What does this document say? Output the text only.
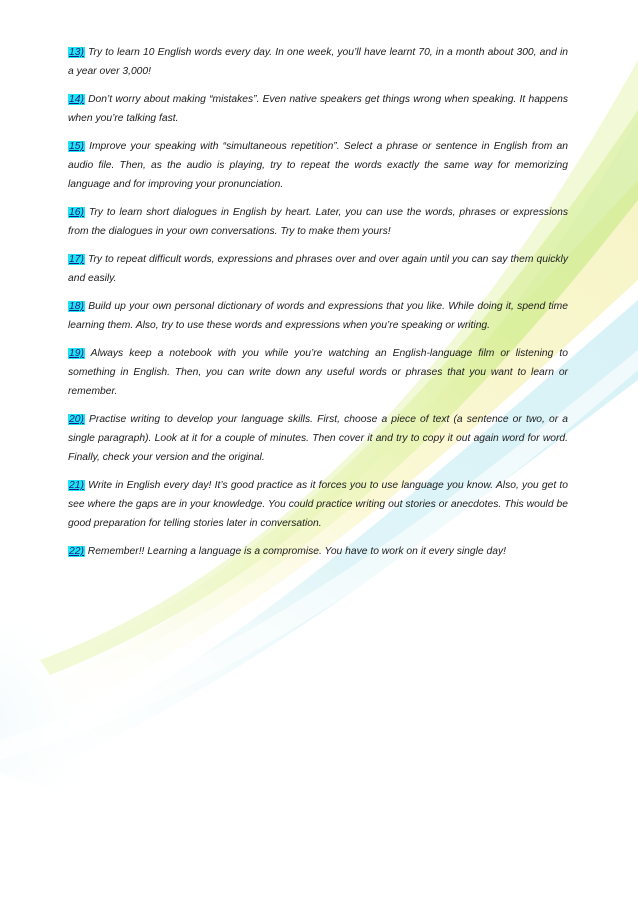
13) Try to learn 10 English words every day. In one week, you’ll have learnt 70, in a month about 300, and in a year over 3,000!

14) Don’t worry about making “mistakes”. Even native speakers get things wrong when speaking. It happens when you’re talking fast.

15) Improve your speaking with “simultaneous repetition”. Select a phrase or sentence in English from an audio file. Then, as the audio is playing, try to repeat the words exactly the same way for memorizing language and for improving your pronunciation.

16) Try to learn short dialogues in English by heart. Later, you can use the words, phrases or expressions from the dialogues in your own conversations. Try to make them yours!

17) Try to repeat difficult words, expressions and phrases over and over again until you can say them quickly and easily.

18) Build up your own personal dictionary of words and expressions that you like. While doing it, spend time learning them. Also, try to use these words and expressions when you’re speaking or writing.

19) Always keep a notebook with you while you’re watching an English-language film or listening to something in English. Then, you can write down any useful words or phrases that you want to learn or remember.

20) Practise writing to develop your language skills. First, choose a piece of text (a sentence or two, or a single paragraph). Look at it for a couple of minutes. Then cover it and try to copy it out again word for word. Finally, check your version and the original.

21) Write in English every day! It’s good practice as it forces you to use language you know. Also, you get to see where the gaps are in your knowledge. You could practice writing out stories or anecdotes. This would be good preparation for telling stories later in conversation.

22) Remember!! Learning a language is a compromise. You have to work on it every single day!
